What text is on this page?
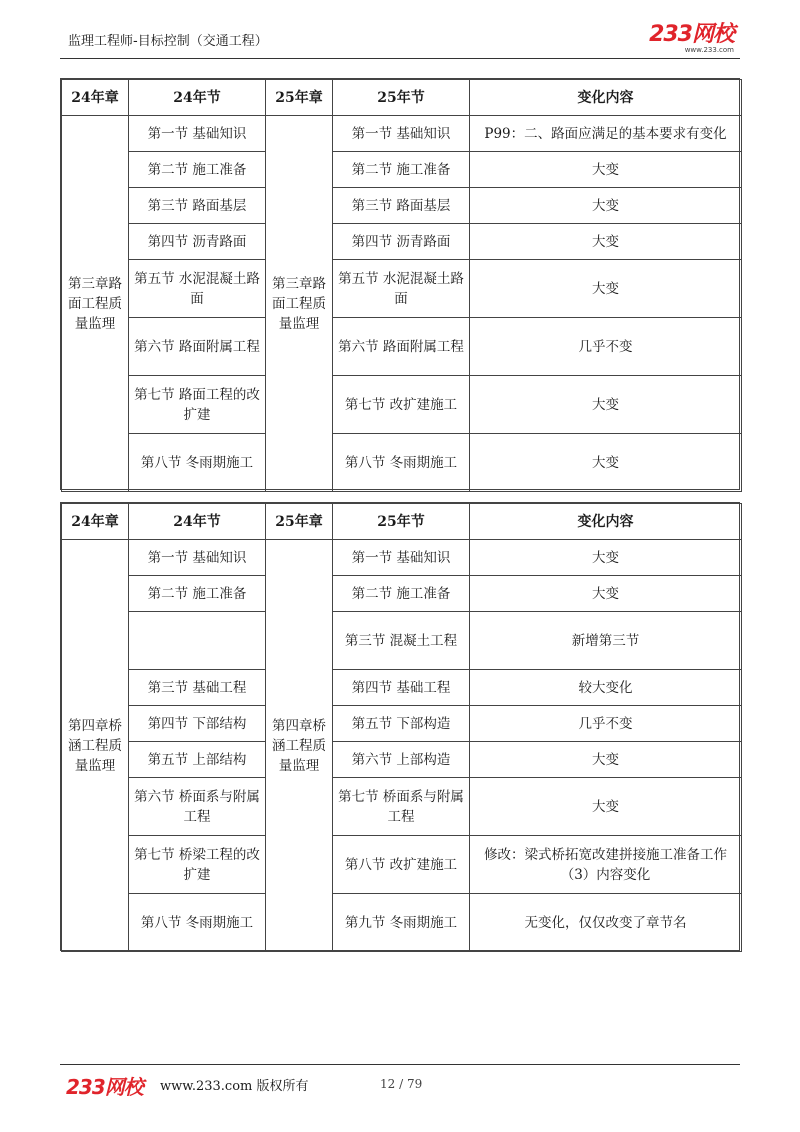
监理工程师-目标控制（交通工程）	233网校
www.233.com
24年章	24年节	25年章	25年节	变化内容
第三章路面工程质量监理	第一节 基础知识	第三章路面工程质量监理	第一节 基础知识	P99：二、路面应满足的基本要求有变化
	第二节 施工准备		第二节 施工准备	大变
	第三节 路面基层		第三节 路面基层	大变
	第四节 沥青路面		第四节 沥青路面	大变
	第五节 水泥混凝土路面		第五节 水泥混凝土路面	大变
	第六节 路面附属工程		第六节 路面附属工程	几乎不变
	第七节 路面工程的改扩建		第七节 改扩建施工	大变
	第八节 冬雨期施工		第八节 冬雨期施工	大变
24年章	24年节	25年章	25年节	变化内容
第四章桥涵工程质量监理	第一节 基础知识	第四章桥涵工程质量监理	第一节 基础知识	大变
	第二节 施工准备		第二节 施工准备	大变
			第三节 混凝土工程	新增第三节
	第三节 基础工程		第四节 基础工程	较大变化
	第四节 下部结构		第五节 下部构造	几乎不变
	第五节 上部结构		第六节 上部构造	大变
	第六节 桥面系与附属工程		第七节 桥面系与附属工程	大变
	第七节 桥梁工程的改扩建		第八节 改扩建施工	修改：梁式桥拓宽改建拼接施工准备工作（3）内容变化
	第八节 冬雨期施工		第九节 冬雨期施工	无变化，仅仅改变了章节名
233网校 www.233.com 版权所有	12 / 79
